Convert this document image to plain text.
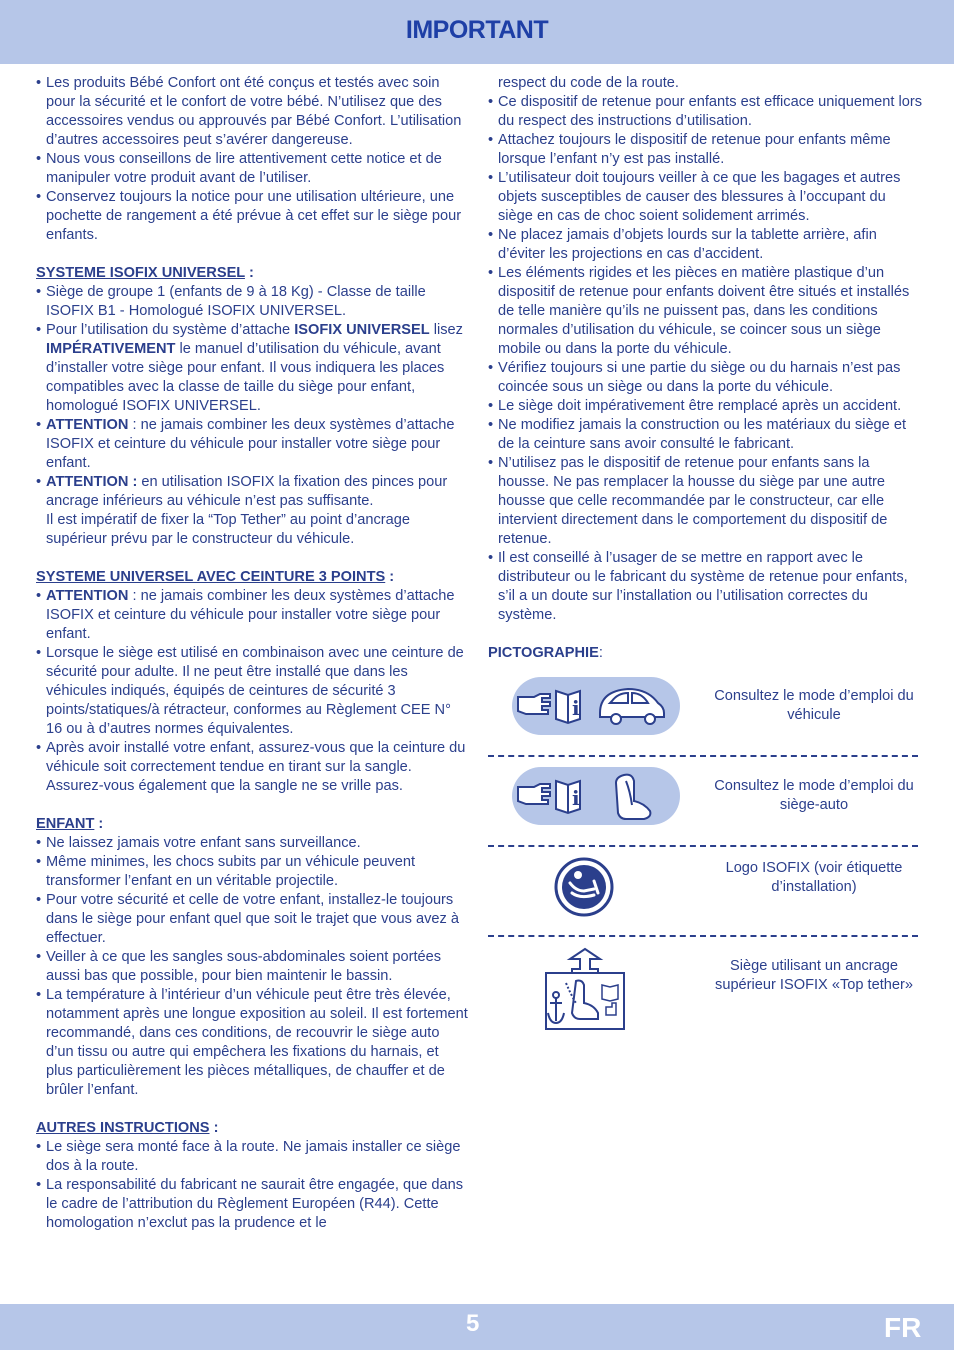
IMPORTANT

• Les produits Bébé Confort ont été conçus et testés avec soin pour la sécurité et le confort de votre bébé. N’utilisez que des accessoires vendus ou approuvés par Bébé Confort. L’utilisation d’autres accessoires peut s’avérer dangereuse.

• Nous vous conseillons de lire attentivement cette notice et de manipuler votre produit avant de l’utiliser.

• Conservez toujours la notice pour une utilisation ultérieure, une pochette de rangement a été prévue à cet effet sur le siège pour enfants.

SYSTEME ISOFIX UNIVERSEL :

• Siège de groupe 1 (enfants de 9 à 18 Kg) - Classe de taille ISOFIX B1 - Homologué ISOFIX UNIVERSEL.

• Pour l’utilisation du système d’attache ISOFIX UNIVERSEL lisez IMPÉRATIVEMENT le manuel d’utilisation du véhicule, avant d’installer votre siège pour enfant. Il vous indiquera les places compatibles avec la classe de taille du siège pour enfant, homologué ISOFIX UNIVERSEL.

• ATTENTION : ne jamais combiner les deux systèmes d’attache ISOFIX et ceinture du véhicule pour installer votre siège pour enfant.

• ATTENTION : en utilisation ISOFIX la fixation des pinces pour ancrage inférieurs au véhicule n’est pas suffisante.

Il est impératif de fixer la “Top Tether” au point d’ancrage supérieur prévu par le constructeur du véhicule.

SYSTEME UNIVERSEL AVEC CEINTURE 3 POINTS :

• ATTENTION : ne jamais combiner les deux systèmes d’attache ISOFIX et ceinture du véhicule pour installer votre siège pour enfant.

• Lorsque le siège est utilisé en combinaison avec une ceinture de sécurité pour adulte. Il ne peut être installé que dans les véhicules indiqués, équipés de ceintures de sécurité 3 points/statiques/à rétracteur, conformes au Règlement CEE N° 16 ou à d’autres normes équivalentes.

• Après avoir installé votre enfant, assurez-vous que la ceinture du véhicule soit correctement tendue en tirant sur la sangle. Assurez-vous également que la sangle ne se vrille pas.

ENFANT :

• Ne laissez jamais votre enfant sans surveillance.

• Même minimes, les chocs subits par un véhicule peuvent transformer l’enfant en un véritable projectile.

• Pour votre sécurité et celle de votre enfant, installez-le toujours dans le siège pour enfant quel que soit le trajet que vous avez à effectuer.

• Veiller à ce que les sangles sous-abdominales soient portées aussi bas que possible, pour bien maintenir le bassin.

• La température à l’intérieur d’un véhicule peut être très élevée, notamment après une longue exposition au soleil. Il est fortement recommandé, dans ces conditions, de recouvrir le siège auto d’un tissu ou autre qui empêchera les fixations du harnais, et plus particulièrement les pièces métalliques, de chauffer et de brûler l’enfant.

AUTRES INSTRUCTIONS :

• Le siège sera monté face à la route. Ne jamais installer ce siège dos à la route.

• La responsabilité du fabricant ne saurait être engagée, que dans le cadre de l’attribution du Règlement Européen (R44). Cette homologation n’exclut pas la prudence et le

respect du code de la route.

• Ce dispositif de retenue pour enfants est efficace uniquement lors du respect des instructions d’utilisation.

• Attachez toujours le dispositif de retenue pour enfants même lorsque l’enfant n’y est pas installé.

• L’utilisateur doit toujours veiller à ce que les bagages et autres objets susceptibles de causer des blessures à l’occupant du siège en cas de choc soient solidement arrimés.

• Ne placez jamais d’objets lourds sur la tablette arrière, afin d’éviter les projections en cas d’accident.

• Les éléments rigides et les pièces en matière plastique d’un dispositif de retenue pour enfants doivent être situés et installés de telle manière qu’ils ne puissent pas, dans les conditions normales d’utilisation du véhicule, se coincer sous un siège mobile ou dans la porte du véhicule.

• Vérifiez toujours si une partie du siège ou du harnais n’est pas coincée sous un siège ou dans la porte du véhicule.

• Le siège doit impérativement être remplacé après un accident.

• Ne modifiez jamais la construction ou les matériaux du siège et de la ceinture sans avoir consulté le fabricant.

• N’utilisez pas le dispositif de retenue pour enfants sans la housse. Ne pas remplacer la housse du siège par une autre housse que celle recommandée par le constructeur, car elle intervient directement dans le comportement du dispositif de retenue.

• Il est conseillé à l’usager de se mettre en rapport avec le distributeur ou le fabricant du système de retenue pour enfants, s’il a un doute sur l’installation ou l’utilisation correctes du système.

PICTOGRAPHIE:

i	Consultez le mode d’emploi du véhicule
i	Consultez le mode d’emploi du siège-auto
Logo ISOFIX (voir étiquette d’installation)
Siège utilisant un ancrage supérieur ISOFIX «Top tether»
5	FR
